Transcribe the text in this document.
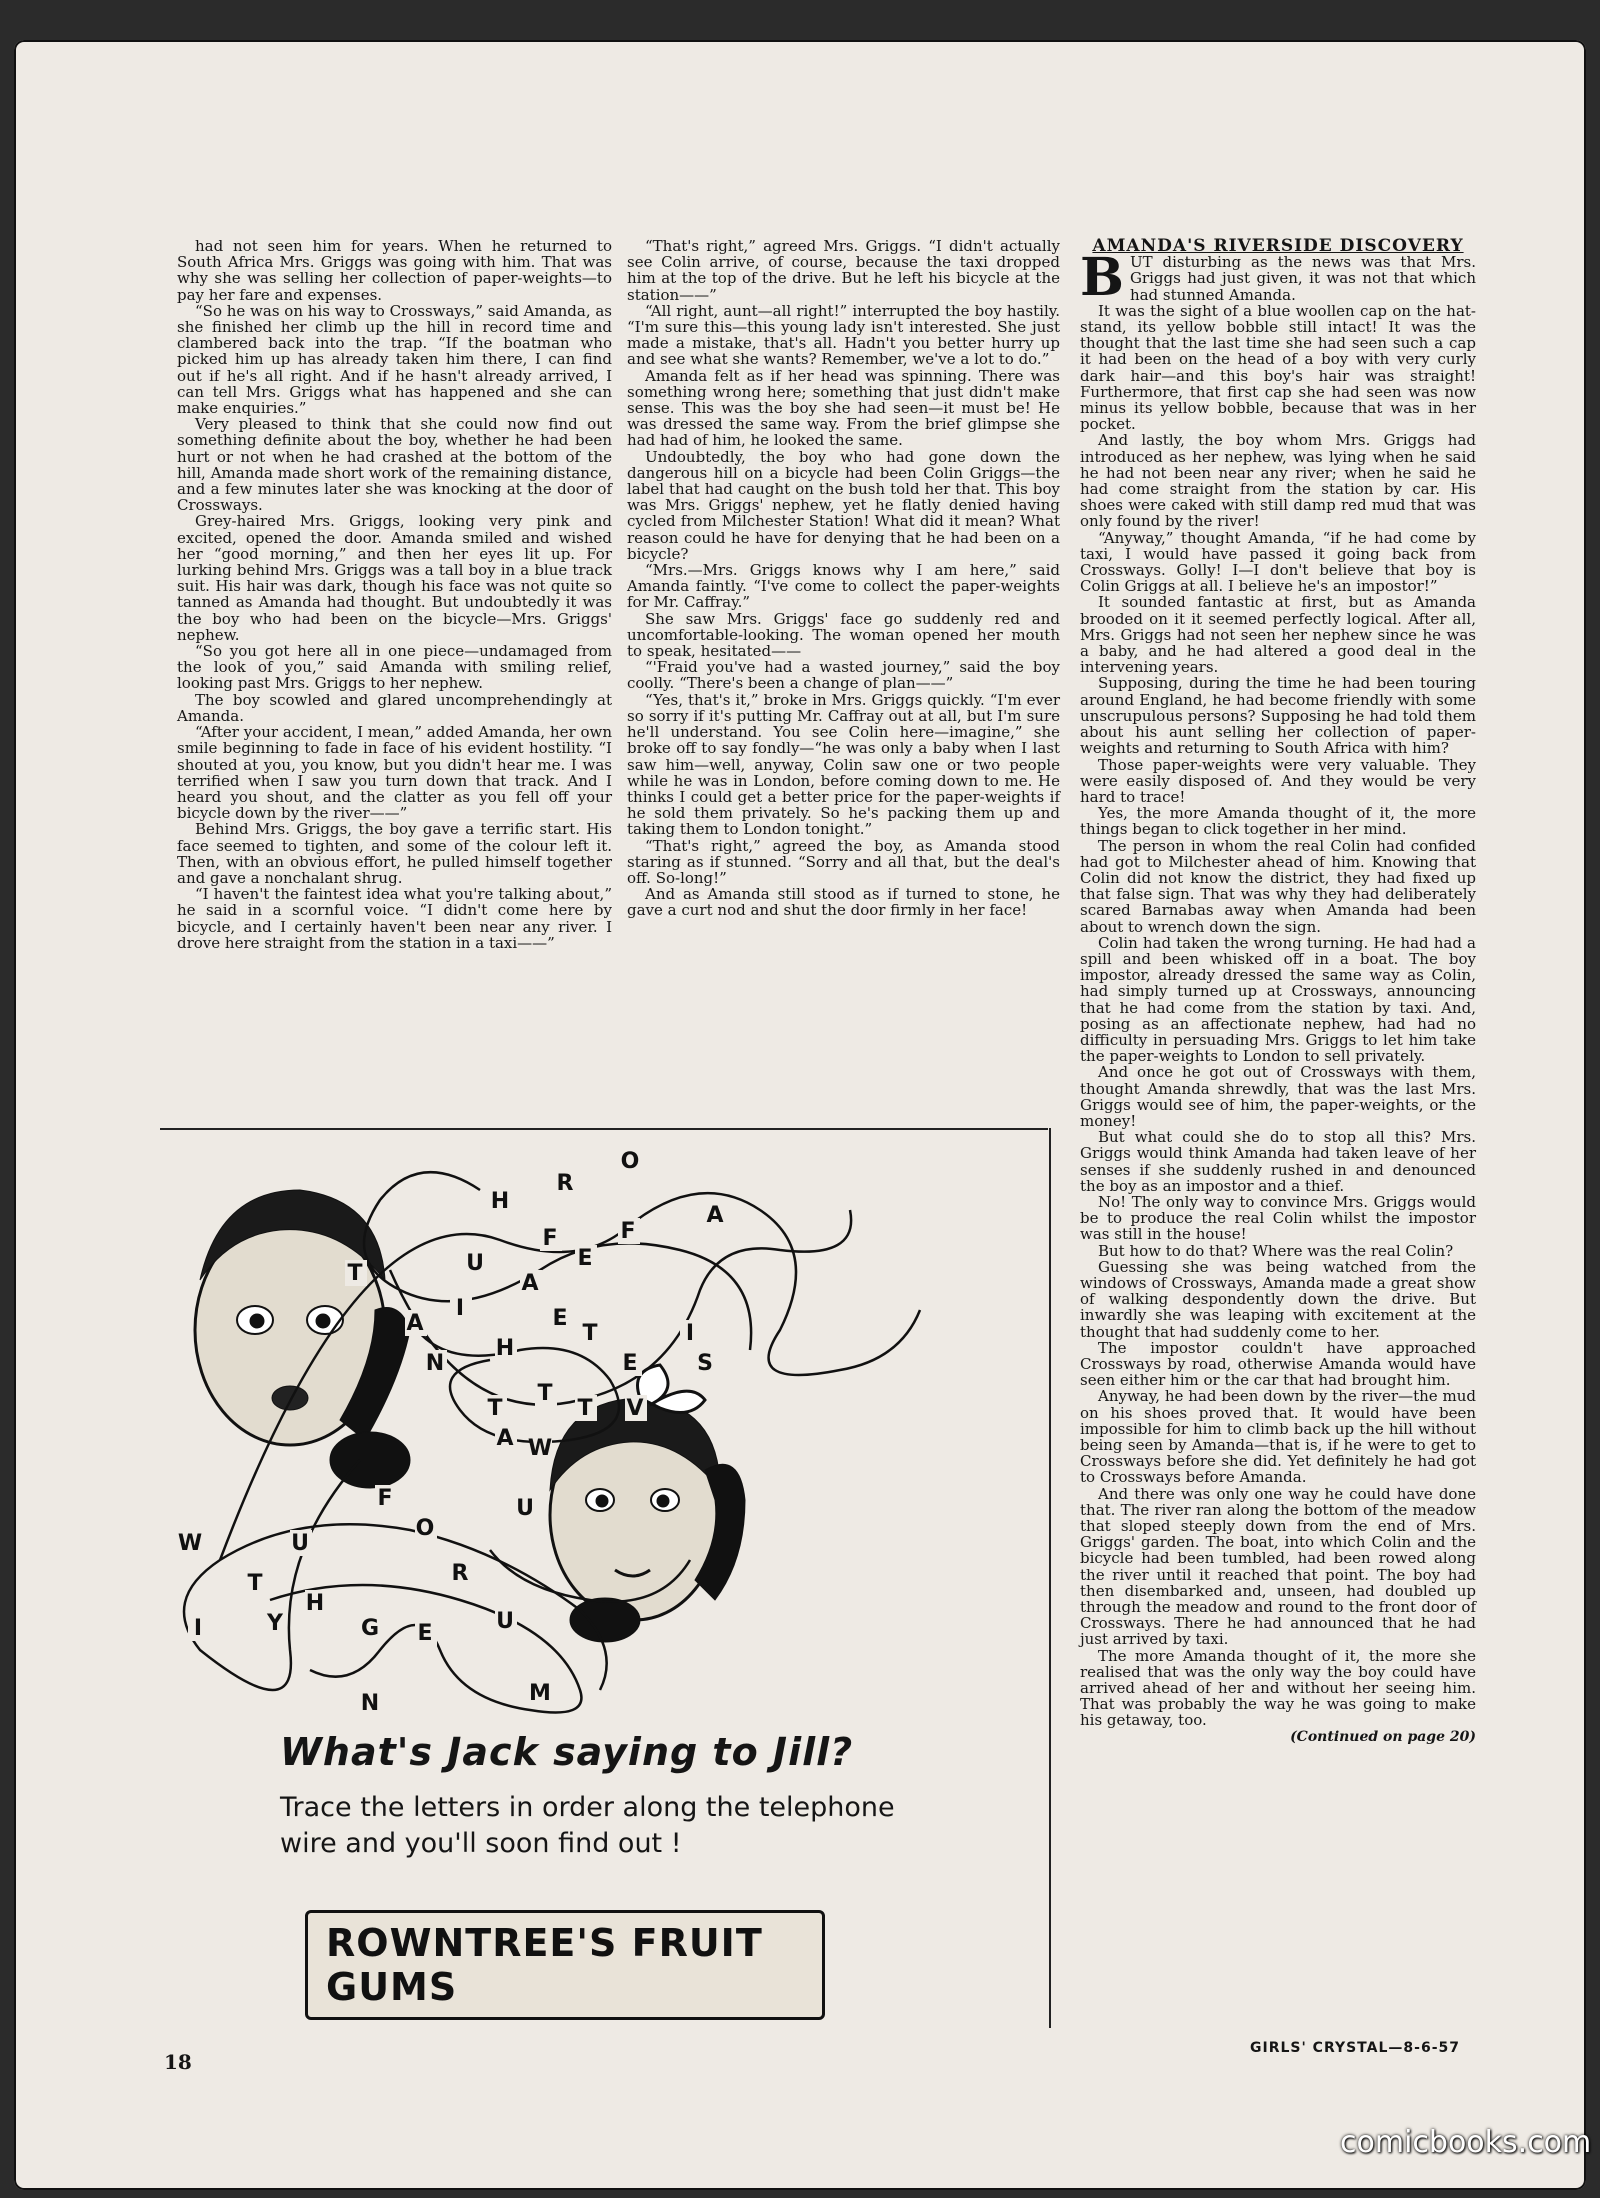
had not seen him for years. When he returned to South Africa Mrs. Griggs was going with him. That was why she was selling her collection of paper-weights—to pay her fare and expenses.

“So he was on his way to Crossways,” said Amanda, as she finished her climb up the hill in record time and clambered back into the trap. “If the boatman who picked him up has already taken him there, I can find out if he's all right. And if he hasn't already arrived, I can tell Mrs. Griggs what has happened and she can make enquiries.”

Very pleased to think that she could now find out something definite about the boy, whether he had been hurt or not when he had crashed at the bottom of the hill, Amanda made short work of the remaining distance, and a few minutes later she was knocking at the door of Crossways.

Grey-haired Mrs. Griggs, looking very pink and excited, opened the door. Amanda smiled and wished her “good morning,” and then her eyes lit up. For lurking behind Mrs. Griggs was a tall boy in a blue track suit. His hair was dark, though his face was not quite so tanned as Amanda had thought. But undoubtedly it was the boy who had been on the bicycle—Mrs. Griggs' nephew.

“So you got here all in one piece—undamaged from the look of you,” said Amanda with smiling relief, looking past Mrs. Griggs to her nephew.

The boy scowled and glared uncomprehendingly at Amanda.

“After your accident, I mean,” added Amanda, her own smile beginning to fade in face of his evident hostility. “I shouted at you, you know, but you didn't hear me. I was terrified when I saw you turn down that track. And I heard you shout, and the clatter as you fell off your bicycle down by the river——”

Behind Mrs. Griggs, the boy gave a terrific start. His face seemed to tighten, and some of the colour left it. Then, with an obvious effort, he pulled himself together and gave a nonchalant shrug.

“I haven't the faintest idea what you're talking about,” he said in a scornful voice. “I didn't come here by bicycle, and I certainly haven't been near any river. I drove here straight from the station in a taxi——”

“That's right,” agreed Mrs. Griggs. “I didn't actually see Colin arrive, of course, because the taxi dropped him at the top of the drive. But he left his bicycle at the station——”

“All right, aunt—all right!” interrupted the boy hastily. “I'm sure this—this young lady isn't interested. She just made a mistake, that's all. Hadn't you better hurry up and see what she wants? Remember, we've a lot to do.”

Amanda felt as if her head was spinning. There was something wrong here; something that just didn't make sense. This was the boy she had seen—it must be! He was dressed the same way. From the brief glimpse she had had of him, he looked the same.

Undoubtedly, the boy who had gone down the dangerous hill on a bicycle had been Colin Griggs—the label that had caught on the bush told her that. This boy was Mrs. Griggs' nephew, yet he flatly denied having cycled from Milchester Station! What did it mean? What reason could he have for denying that he had been on a bicycle?

“Mrs.—Mrs. Griggs knows why I am here,” said Amanda faintly. “I've come to collect the paper-weights for Mr. Caffray.”

She saw Mrs. Griggs' face go suddenly red and uncomfortable-looking. The woman opened her mouth to speak, hesitated——

“'Fraid you've had a wasted journey,” said the boy coolly. “There's been a change of plan——”

“Yes, that's it,” broke in Mrs. Griggs quickly. “I'm ever so sorry if it's putting Mr. Caffray out at all, but I'm sure he'll understand. You see Colin here—imagine,” she broke off to say fondly—“he was only a baby when I last saw him—well, anyway, Colin saw one or two people while he was in London, before coming down to me. He thinks I could get a better price for the paper-weights if he sold them privately. So he's packing them up and taking them to London tonight.”

“That's right,” agreed the boy, as Amanda stood staring as if stunned. “Sorry and all that, but the deal's off. So-long!”

And as Amanda still stood as if turned to stone, he gave a curt nod and shut the door firmly in her face!

AMANDA'S RIVERSIDE DISCOVERY

BUT disturbing as the news was that Mrs. Griggs had just given, it was not that which had stunned Amanda.

It was the sight of a blue woollen cap on the hat-stand, its yellow bobble still intact! It was the thought that the last time she had seen such a cap it had been on the head of a boy with very curly dark hair—and this boy's hair was straight! Furthermore, that first cap she had seen was now minus its yellow bobble, because that was in her pocket.

And lastly, the boy whom Mrs. Griggs had introduced as her nephew, was lying when he said he had not been near any river; when he said he had come straight from the station by car. His shoes were caked with still damp red mud that was only found by the river!

“Anyway,” thought Amanda, “if he had come by taxi, I would have passed it going back from Crossways. Golly! I—I don't believe that boy is Colin Griggs at all. I believe he's an impostor!”

It sounded fantastic at first, but as Amanda brooded on it it seemed perfectly logical. After all, Mrs. Griggs had not seen her nephew since he was a baby, and he had altered a good deal in the intervening years.

Supposing, during the time he had been touring around England, he had become friendly with some unscrupulous persons? Supposing he had told them about his aunt selling her collection of paper-weights and returning to South Africa with him?

Those paper-weights were very valuable. They were easily disposed of. And they would be very hard to trace!

Yes, the more Amanda thought of it, the more things began to click together in her mind.

The person in whom the real Colin had confided had got to Milchester ahead of him. Knowing that Colin did not know the district, they had fixed up that false sign. That was why they had deliberately scared Barnabas away when Amanda had been about to wrench down the sign.

Colin had taken the wrong turning. He had had a spill and been whisked off in a boat. The boy impostor, already dressed the same way as Colin, had simply turned up at Crossways, announcing that he had come from the station by taxi. And, posing as an affectionate nephew, had had no difficulty in persuading Mrs. Griggs to let him take the paper-weights to London to sell privately.

And once he got out of Crossways with them, thought Amanda shrewdly, that was the last Mrs. Griggs would see of him, the paper-weights, or the money!

But what could she do to stop all this? Mrs. Griggs would think Amanda had taken leave of her senses if she suddenly rushed in and denounced the boy as an impostor and a thief.

No! The only way to convince Mrs. Griggs would be to produce the real Colin whilst the impostor was still in the house!

But how to do that? Where was the real Colin?

Guessing she was being watched from the windows of Crossways, Amanda made a great show of walking despondently down the drive. But inwardly she was leaping with excitement at the thought that had suddenly come to her.

The impostor couldn't have approached Crossways by road, otherwise Amanda would have seen either him or the car that had brought him.

Anyway, he had been down by the river—the mud on his shoes proved that. It would have been impossible for him to climb back up the hill without being seen by Amanda—that is, if he were to get to Crossways before she did. Yet definitely he had got to Crossways before Amanda.

And there was only one way he could have done that. The river ran along the bottom of the meadow that sloped steeply down from the end of Mrs. Griggs' garden. The boat, into which Colin and the bicycle had been tumbled, had been rowed along the river until it reached that point. The boy had then disembarked and, unseen, had doubled up through the meadow and round to the front door of Crossways. There he had announced that he had just arrived by taxi.

The more Amanda thought of it, the more she realised that was the only way the boy could have arrived ahead of her and without her seeing him. That was probably the way he was going to make his getaway, too.

(Continued on page 20)

H
R
O
F
A
T	U
A
F
E
A
I	E
T	I
N
H
E	S
T
T
T
A W
V
F	U
W	U
O
R
T
H
I	Y	G E	U
N	M
What's Jack saying to Jill?
Trace the letters in order along the telephone
wire and you'll soon find out !
ROWNTREE'S FRUIT GUMS
18
GIRLS' CRYSTAL—8-6-57
comicbooks.com
